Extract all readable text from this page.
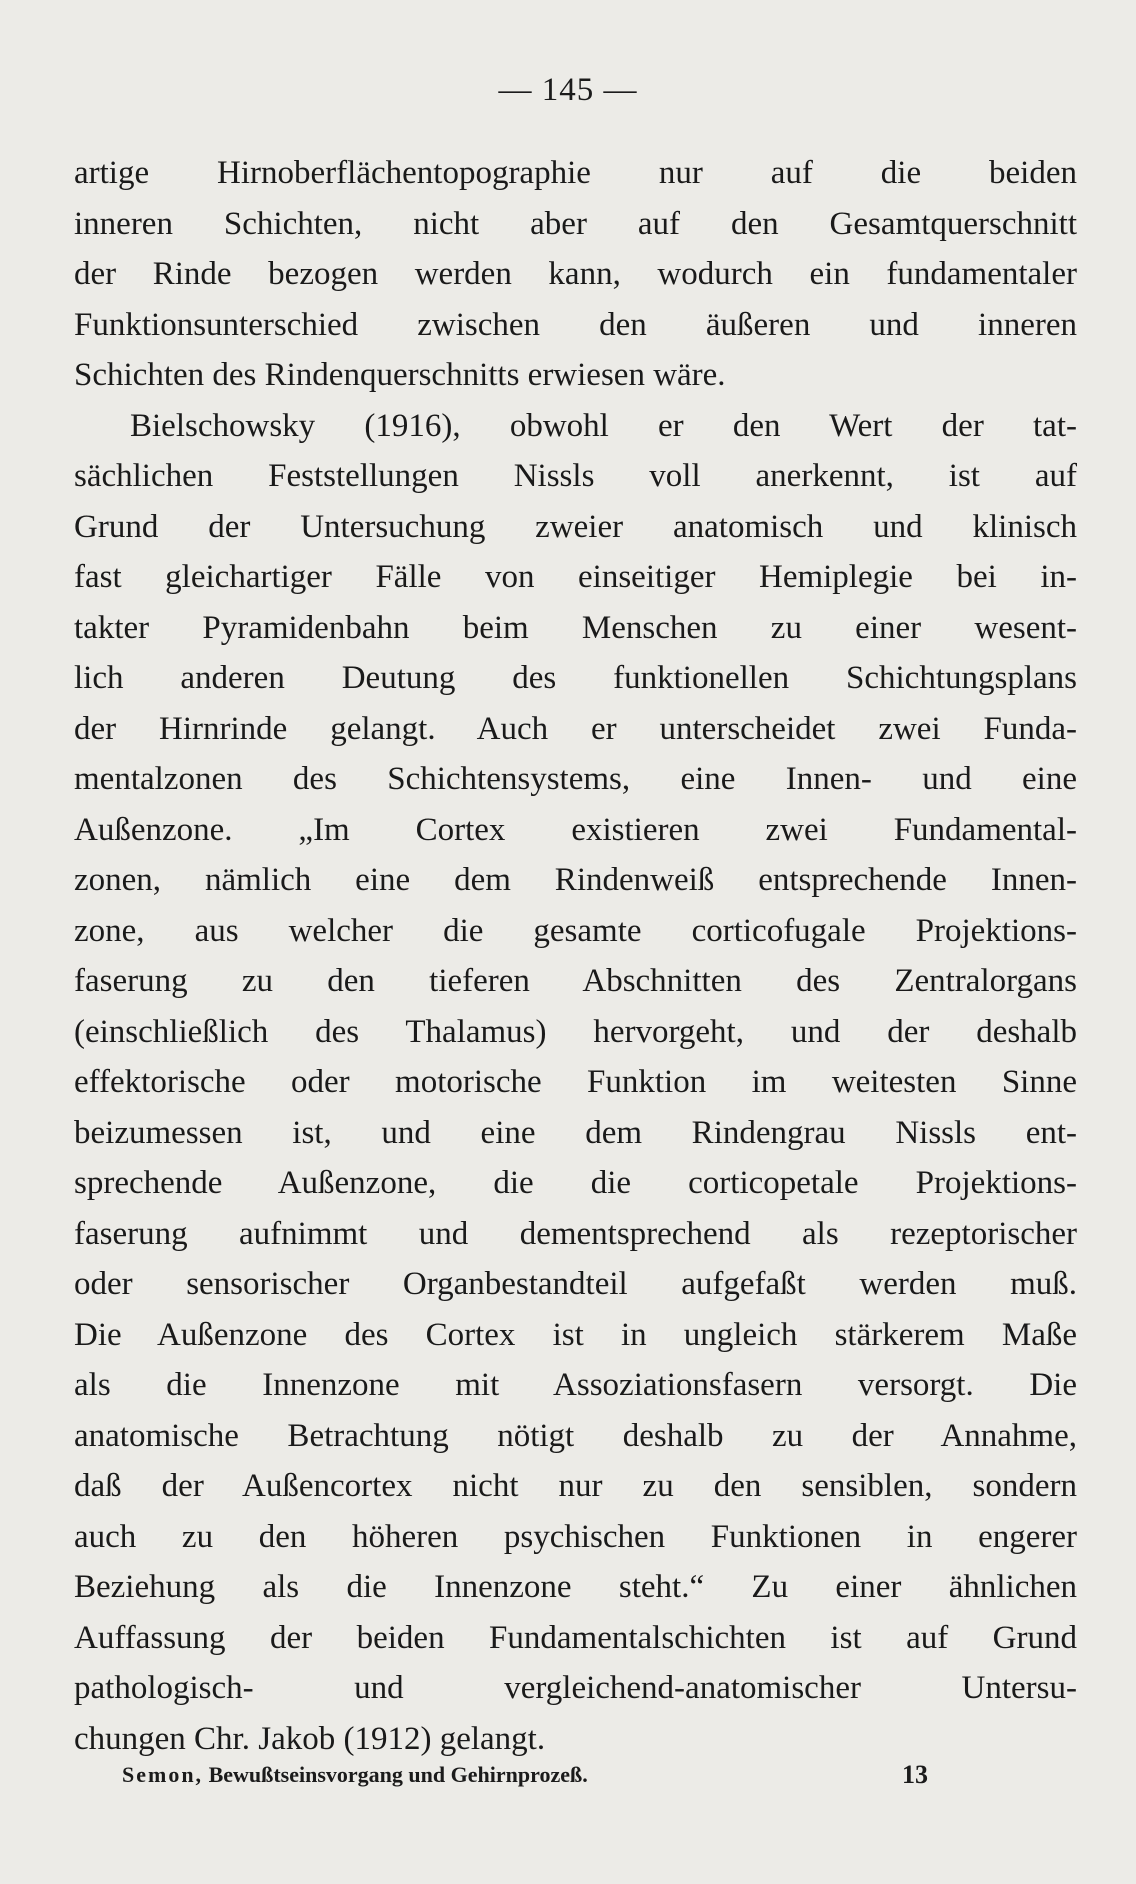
— 145 —
artige Hirnoberflächentopographie nur auf die beiden
inneren Schichten, nicht aber auf den Gesamtquerschnitt
der Rinde bezogen werden kann, wodurch ein fundamentaler
Funktionsunterschied zwischen den äußeren und inneren
Schichten des Rindenquerschnitts erwiesen wäre.
Bielschowsky (1916), obwohl er den Wert der tat-
sächlichen Feststellungen Nissls voll anerkennt, ist auf
Grund der Untersuchung zweier anatomisch und klinisch
fast gleichartiger Fälle von einseitiger Hemiplegie bei in-
takter Pyramidenbahn beim Menschen zu einer wesent-
lich anderen Deutung des funktionellen Schichtungsplans
der Hirnrinde gelangt. Auch er unterscheidet zwei Funda-
mentalzonen des Schichtensystems, eine Innen- und eine
Außenzone. „Im Cortex existieren zwei Fundamental-
zonen, nämlich eine dem Rindenweiß entsprechende Innen-
zone, aus welcher die gesamte corticofugale Projektions-
faserung zu den tieferen Abschnitten des Zentralorgans
(einschließlich des Thalamus) hervorgeht, und der deshalb
effektorische oder motorische Funktion im weitesten Sinne
beizumessen ist, und eine dem Rindengrau Nissls ent-
sprechende Außenzone, die die corticopetale Projektions-
faserung aufnimmt und dementsprechend als rezeptorischer
oder sensorischer Organbestandteil aufgefaßt werden muß.
Die Außenzone des Cortex ist in ungleich stärkerem Maße
als die Innenzone mit Assoziationsfasern versorgt. Die
anatomische Betrachtung nötigt deshalb zu der Annahme,
daß der Außencortex nicht nur zu den sensiblen, sondern
auch zu den höheren psychischen Funktionen in engerer
Beziehung als die Innenzone steht.“ Zu einer ähnlichen
Auffassung der beiden Fundamentalschichten ist auf Grund
pathologisch- und vergleichend-anatomischer Untersu-
chungen Chr. Jakob (1912) gelangt.
Semon, Bewußtseinsvorgang und Gehirnprozeß.	13
